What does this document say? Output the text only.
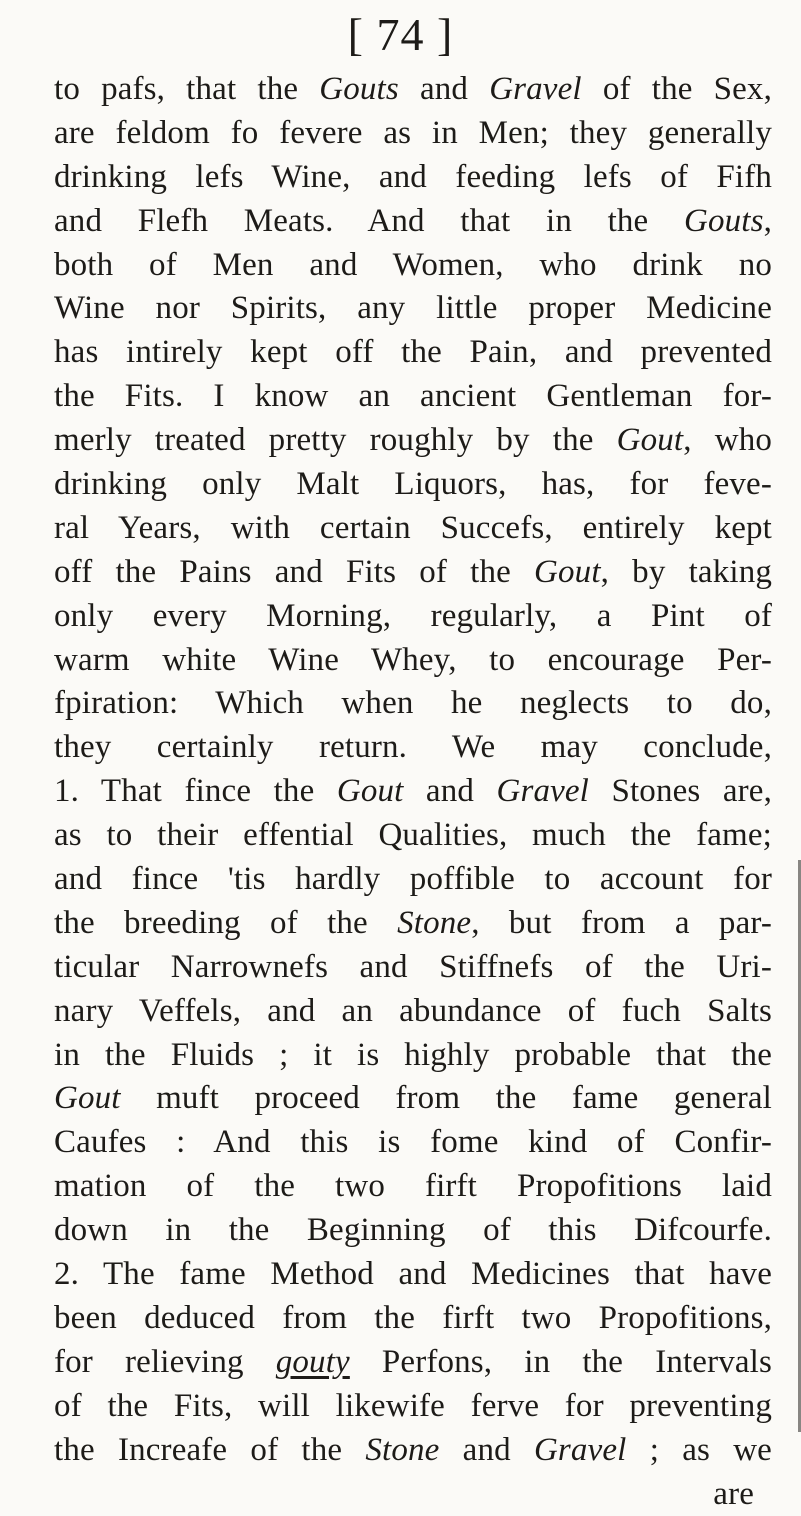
[ 74 ]
to pafs, that the Gouts and Gravel of the Sex,
are feldom fo fevere as in Men; they generally
drinking lefs Wine, and feeding lefs of Fifh
and Flefh Meats. And that in the Gouts,
both of Men and Women, who drink no
Wine nor Spirits, any little proper Medicine
has intirely kept off the Pain, and prevented
the Fits. I know an ancient Gentleman for-
merly treated pretty roughly by the Gout, who
drinking only Malt Liquors, has, for feve-
ral Years, with certain Succefs, entirely kept
off the Pains and Fits of the Gout, by taking
only every Morning, regularly, a Pint of
warm white Wine Whey, to encourage Per-
fpiration: Which when he neglects to do,
they certainly return. We may conclude,
1. That fince the Gout and Gravel Stones are,
as to their effential Qualities, much the fame;
and fince 'tis hardly poffible to account for
the breeding of the Stone, but from a par-
ticular Narrownefs and Stiffnefs of the Uri-
nary Veffels, and an abundance of fuch Salts
in the Fluids ; it is highly probable that the
Gout muft proceed from the fame general
Caufes : And this is fome kind of Confir-
mation of the two firft Propofitions laid
down in the Beginning of this Difcourfe.
2. The fame Method and Medicines that have
been deduced from the firft two Propofitions,
for relieving gouty Perfons, in the Intervals
of the Fits, will likewife ferve for preventing
the Increafe of the Stone and Gravel ; as we
are
